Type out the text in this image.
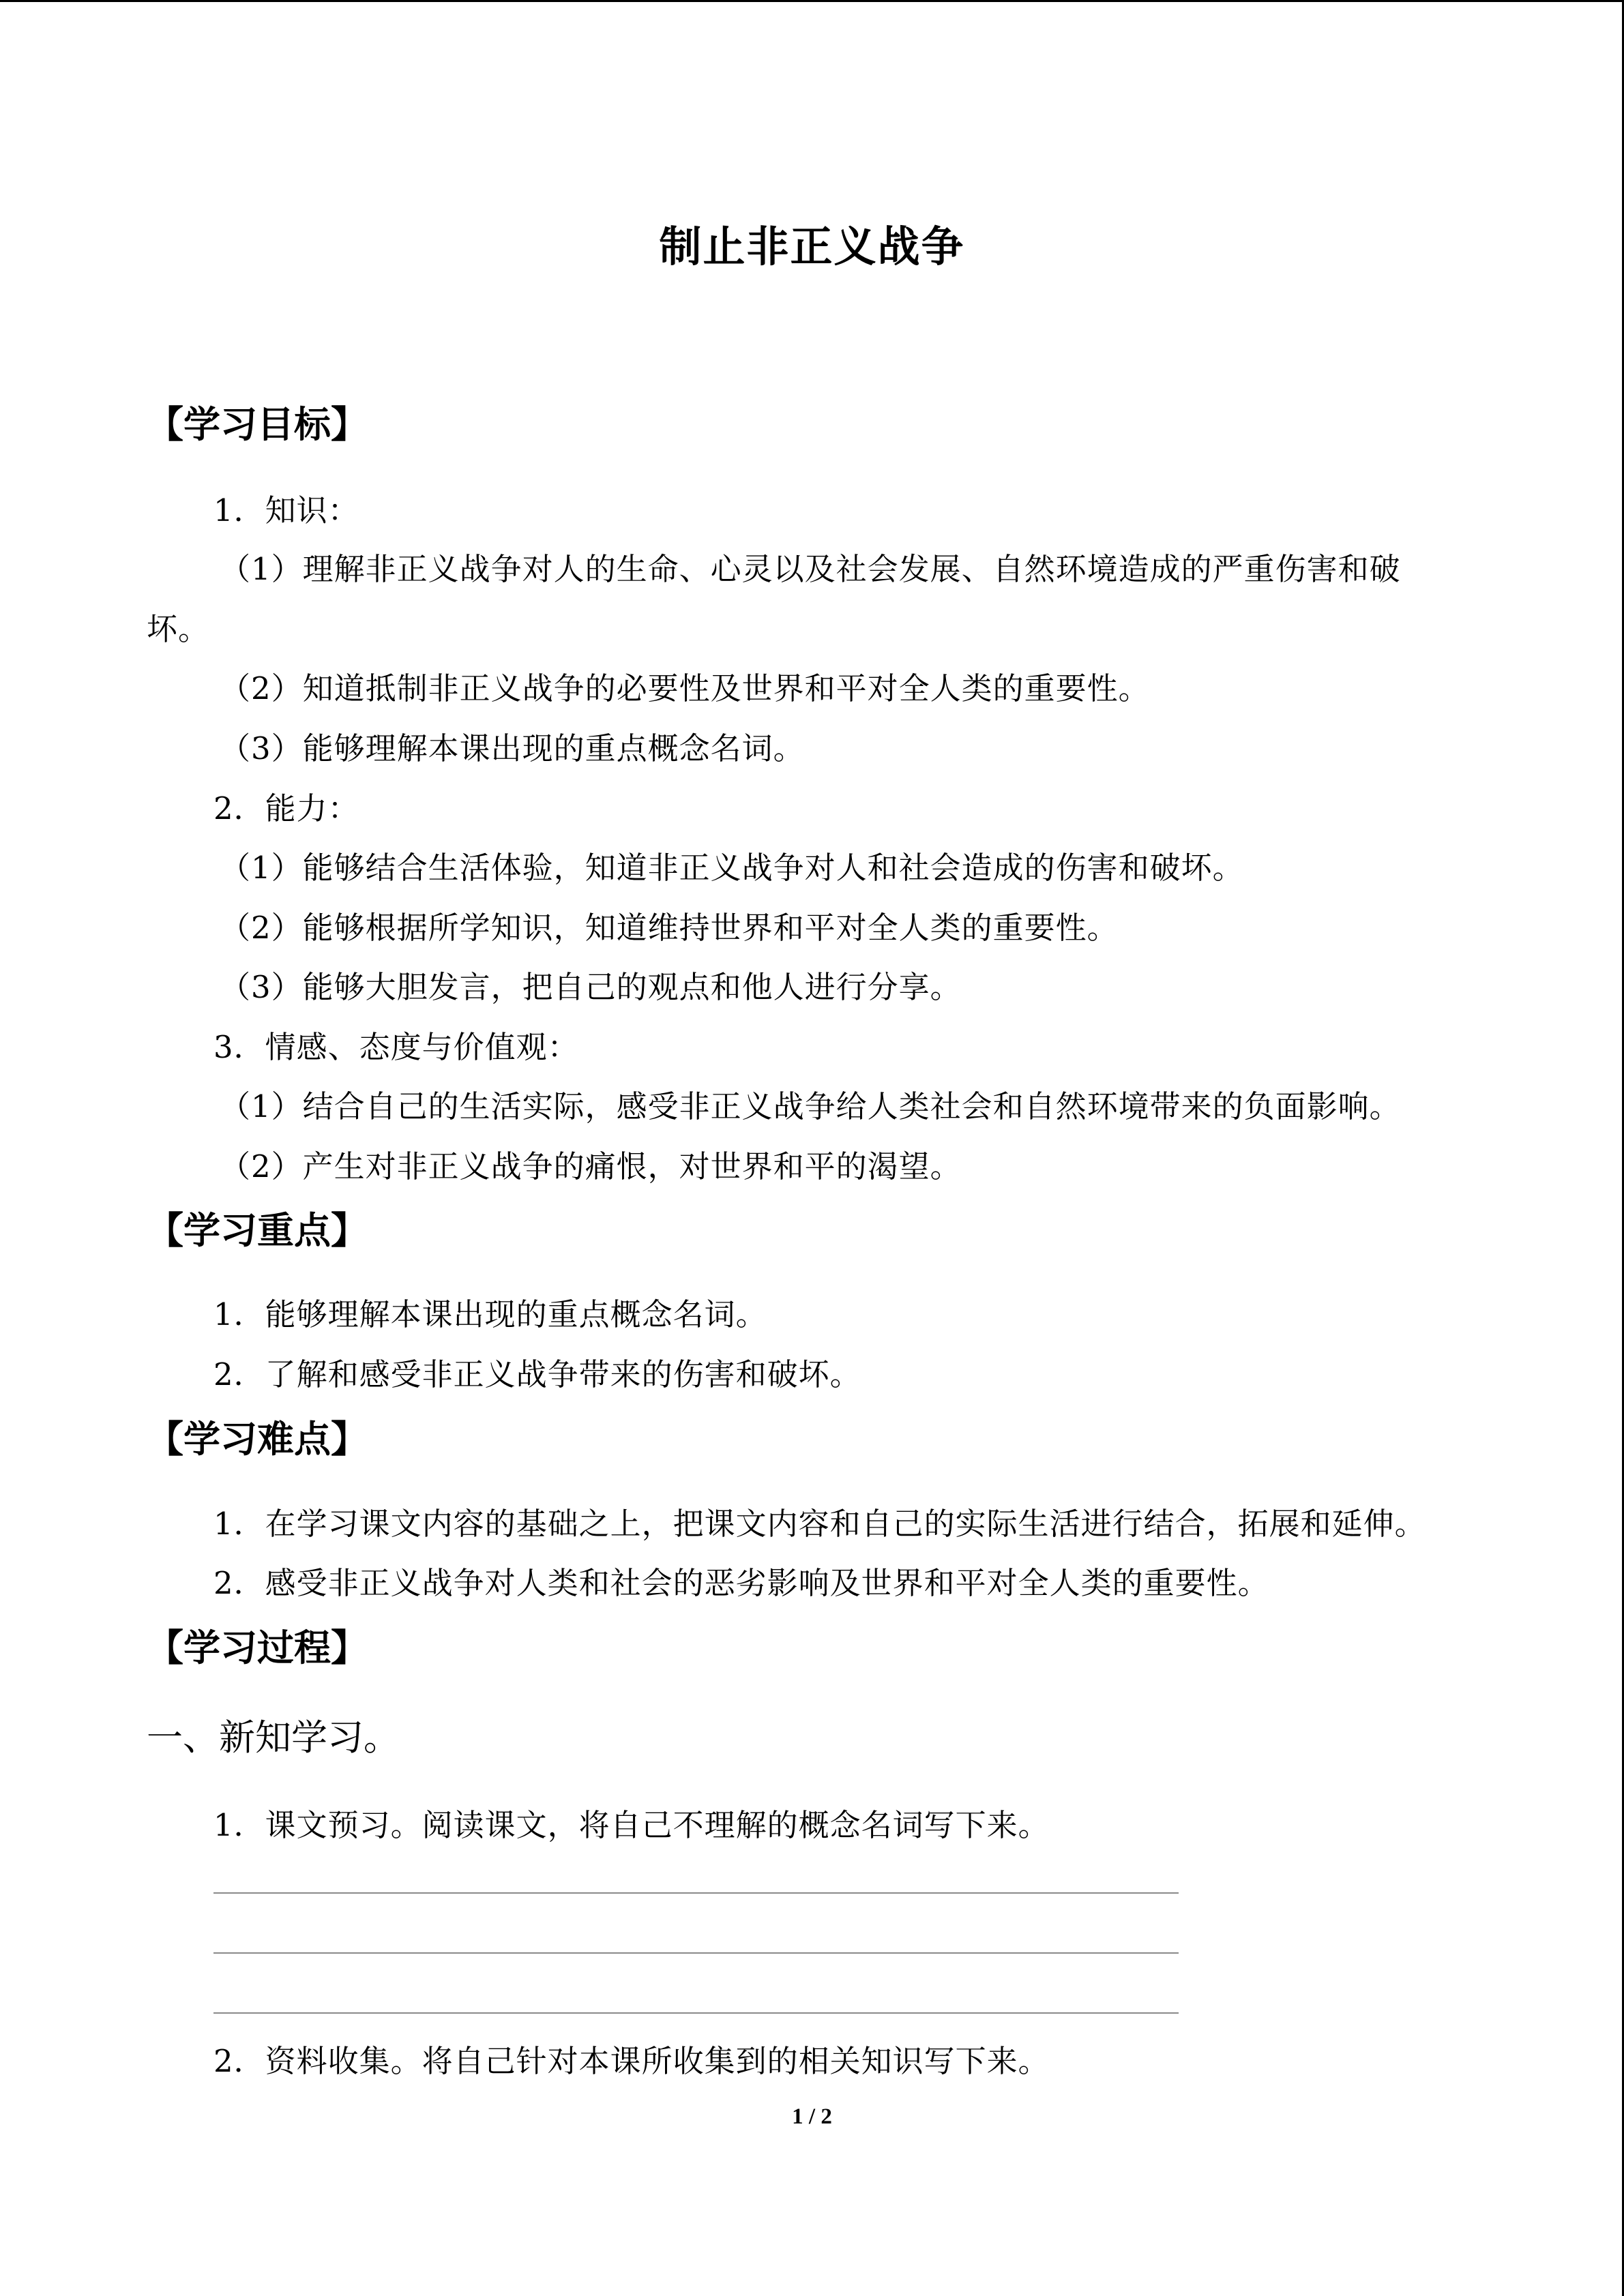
制止非正义战争
【学习目标】
1．知识：
（1）理解非正义战争对人的生命、心灵以及社会发展、自然环境造成的严重伤害和破
坏。
（2）知道抵制非正义战争的必要性及世界和平对全人类的重要性。
（3）能够理解本课出现的重点概念名词。
2．能力：
（1）能够结合生活体验，知道非正义战争对人和社会造成的伤害和破坏。
（2）能够根据所学知识，知道维持世界和平对全人类的重要性。
（3）能够大胆发言，把自己的观点和他人进行分享。
3．情感、态度与价值观：
（1）结合自己的生活实际，感受非正义战争给人类社会和自然环境带来的负面影响。
（2）产生对非正义战争的痛恨，对世界和平的渴望。
【学习重点】
1．能够理解本课出现的重点概念名词。
2．了解和感受非正义战争带来的伤害和破坏。
【学习难点】
1．在学习课文内容的基础之上，把课文内容和自己的实际生活进行结合，拓展和延伸。
2．感受非正义战争对人类和社会的恶劣影响及世界和平对全人类的重要性。
【学习过程】
一、新知学习。
1．课文预习。阅读课文，将自己不理解的概念名词写下来。
2．资料收集。将自己针对本课所收集到的相关知识写下来。
1 / 2
